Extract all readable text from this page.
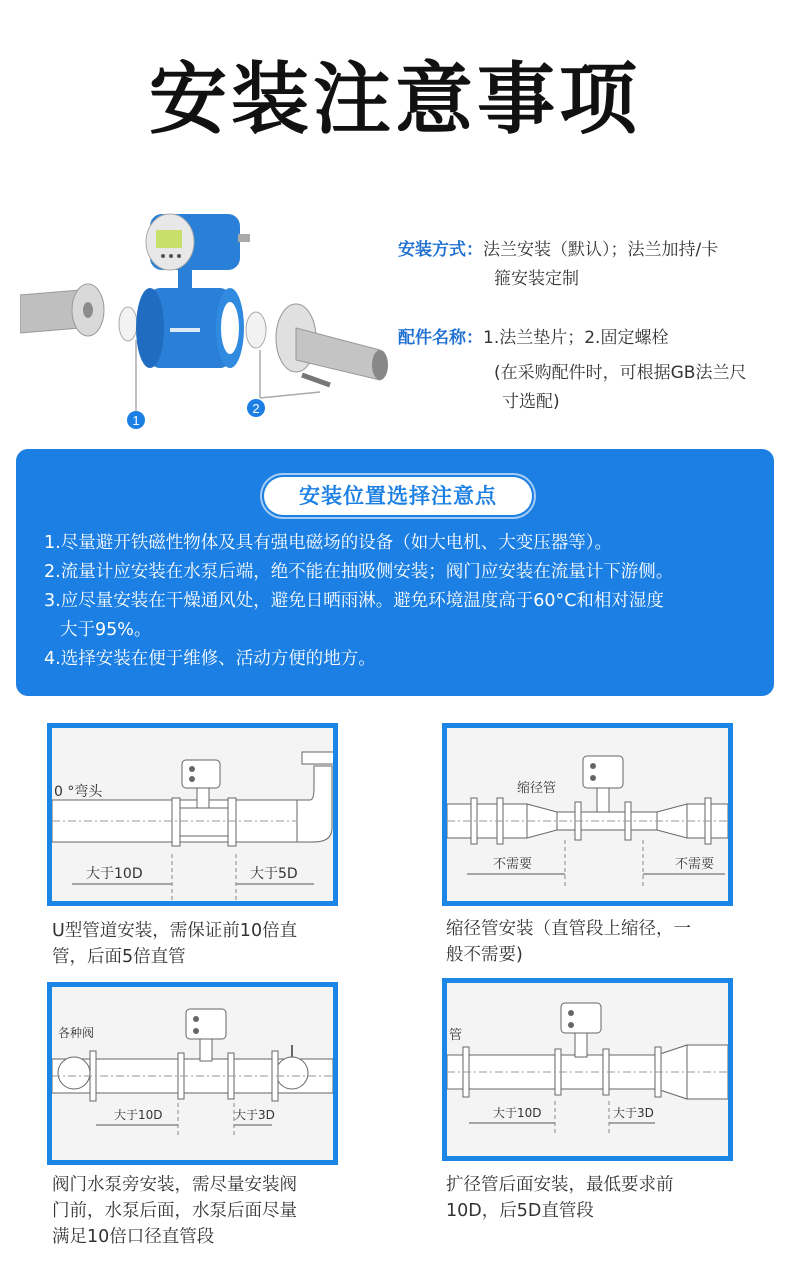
安装注意事项
1
2
安装方式： 法兰安装（默认）；法兰加持/卡
箍安装定制
配件名称： 1.法兰垫片；2.固定螺栓
(在采购配件时，可根据GB法兰尺
寸选配)
安装位置选择注意点
1.尽量避开铁磁性物体及具有强电磁场的设备（如大电机、大变压器等）。
2.流量计应安装在水泵后端，绝不能在抽吸侧安装；阀门应安装在流量计下游侧。
3.应尽量安装在干燥通风处，避免日晒雨淋。避免环境温度高于60°C和相对湿度
大于95%。
4.选择安装在便于维修、活动方便的地方。
0 °弯头
大于10D	大于5D
U型管道安装，需保证前10倍直
管，后面5倍直管
缩径管
不需要	不需要
缩径管安装（直管段上缩径，一
般不需要)
各种阀
大于10D	大于3D
阀门水泵旁安装，需尽量安装阀
门前，水泵后面，水泵后面尽量
满足10倍口径直管段
管
大于10D	大于3D
扩径管后面安装，最低要求前
10D，后5D直管段
